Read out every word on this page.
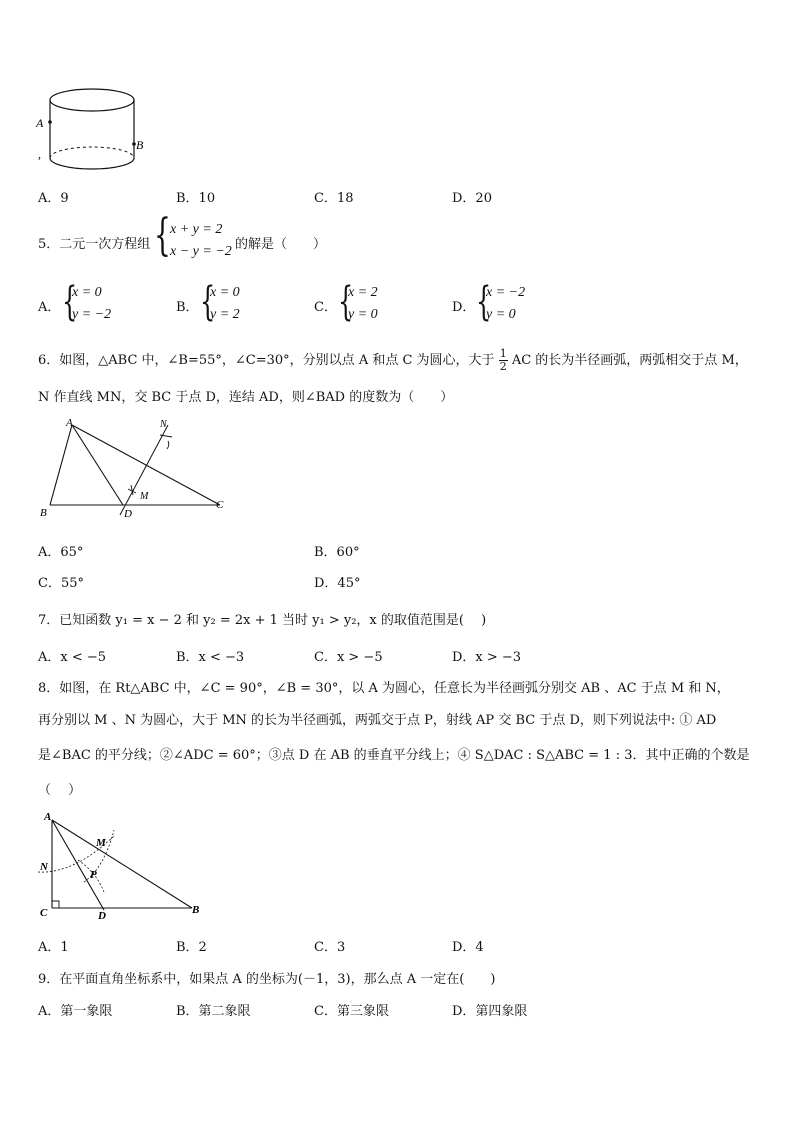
A
B
,
A．9	B．10	C．18	D．20
5．二元一次方程组 { x + y = 2
x − y = −2 的解是（　　）
A． {
x = 0
y = −2	B． {
x = 0
y = 2	C． {
x = 2
y = 0	D． {
x = −2
y = 0
6．如图，△ABC 中，∠B=55°，∠C=30°，分别以点 A 和点 C 为圆心，大于 $\frac{1}{2}$ AC 的长为半径画弧，两弧相交于点 M，
N 作直线 MN，交 BC 于点 D，连结 AD，则∠BAD 的度数为（　　）
A
B
C
D
M
N
A．65°	B．60°
C．55°	D．45°
7．已知函数 y₁ = x − 2 和 y₂ = 2x + 1 当时 y₁ > y₂，x 的取值范围是(　 )
A．x < −5	B．x < −3	C．x > −5	D．x > −3
8．如图，在 Rt△ABC 中，∠C = 90°，∠B = 30°，以 A 为圆心，任意长为半径画弧分别交 AB 、AC 于点 M 和 N，
再分别以 M 、N 为圆心，大于 MN 的长为半径画弧，两弧交于点 P，射线 AP 交 BC 于点 D，则下列说法中: ① AD
是∠BAC 的平分线；②∠ADC = 60°；③点 D 在 AB 的垂直平分线上；④ S△DAC : S△ABC = 1 : 3．其中正确的个数是
（　 ）
A
N
C	D	B
M
P
A．1	B．2	C．3	D．4
9．在平面直角坐标系中，如果点 A 的坐标为(－1，3)，那么点 A 一定在(　　)
A．第一象限	B．第二象限	C．第三象限	D．第四象限
